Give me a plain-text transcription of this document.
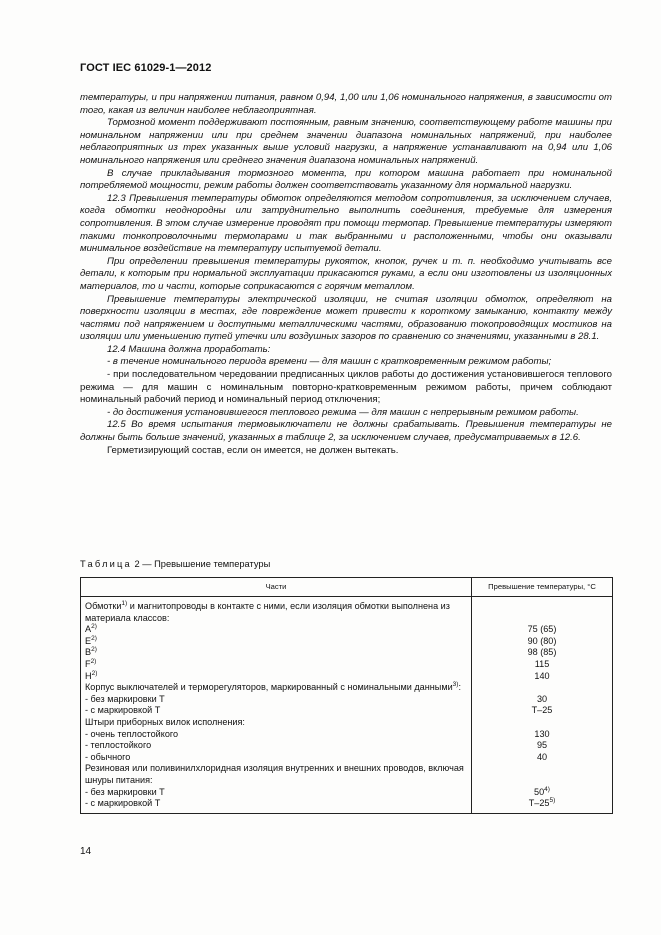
ГОСТ IEC 61029-1—2012

температуры, и при напряжении питания, равном 0,94, 1,00 или 1,06 номинального напряжения, в зависимости от того, какая из величин наиболее неблагоприятная.

Тормозной момент поддерживают постоянным, равным значению, соответствующему работе машины при номинальном напряжении или при среднем значении диапазона номинальных напряжений, при наиболее неблагоприятных из трех указанных выше условий нагрузки, а напряжение устанавливают на 0,94 или 1,06 номинального напряжения или среднего значения диапазона номинальных напряжений.

В случае прикладывания тормозного момента, при котором машина работает при номинальной потребляемой мощности, режим работы должен соответствовать указанному для нормальной нагрузки.

12.3 Превышения температуры обмоток определяются методом сопротивления, за исключением случаев, когда обмотки неоднородны или затруднительно выполнить соединения, требуемые для измерения сопротивления. В этом случае измерение проводят при помощи термопар. Превышение температуры измеряют такими тонкопроволочными термопарами и так выбранными и расположенными, чтобы они оказывали минимальное воздействие на температуру испытуемой детали.

При определении превышения температуры рукояток, кнопок, ручек и т. п. необходимо учитывать все детали, к которым при нормальной эксплуатации прикасаются руками, а если они изготовлены из изоляционных материалов, то и части, которые соприкасаются с горячим металлом.

Превышение температуры электрической изоляции, не считая изоляции обмоток, определяют на поверхности изоляции в местах, где повреждение может привести к короткому замыканию, контакту между частями под напряжением и доступными металлическими частями, образованию токопроводящих мостиков на изоляции или уменьшению путей утечки или воздушных зазоров по сравнению со значениями, указанными в 28.1.

12.4 Машина должна проработать:

- в течение номинального периода времени — для машин с кратковременным режимом работы;

- при последовательном чередовании предписанных циклов работы до достижения установившегося теплового режима — для машин с номинальным повторно-кратковременным режимом работы, причем соблюдают номинальный рабочий период и номинальный период отключения;

- до достижения установившегося теплового режима — для машин с непрерывным режимом работы.

12.5 Во время испытания термовыключатели не должны срабатывать. Превышения температуры не должны быть больше значений, указанных в таблице 2, за исключением случаев, предусматриваемых в 12.6.

Герметизирующий состав, если он имеется, не должен вытекать.

Таблица 2 — Превышение температуры
Части	Превышение температуры, °С
Обмотки$^{1)}$ и магнитопроводы в контакте с ними, если изоляция обмотки выполнена из материала классов:	
$A^{2)}$	75 (65)
$E^{2)}$	90 (80)
$B^{2)}$	98 (85)
$F^{2)}$	115
$H^{2)}$	140
Корпус выключателей и терморегуляторов, маркированный с номинальными данными$^{3)}$:	
- без маркировки T	30
- с маркировкой T	T–25
Штыри приборных вилок исполнения:	
- очень теплостойкого	130
- теплостойкого	95
- обычного	40
Резиновая или поливинилхлоридная изоляция внутренних и внешних проводов, включая шнуры питания:	
- без маркировки T	50$^{4)}$
- с маркировкой T	T–25$^{5)}$
14
